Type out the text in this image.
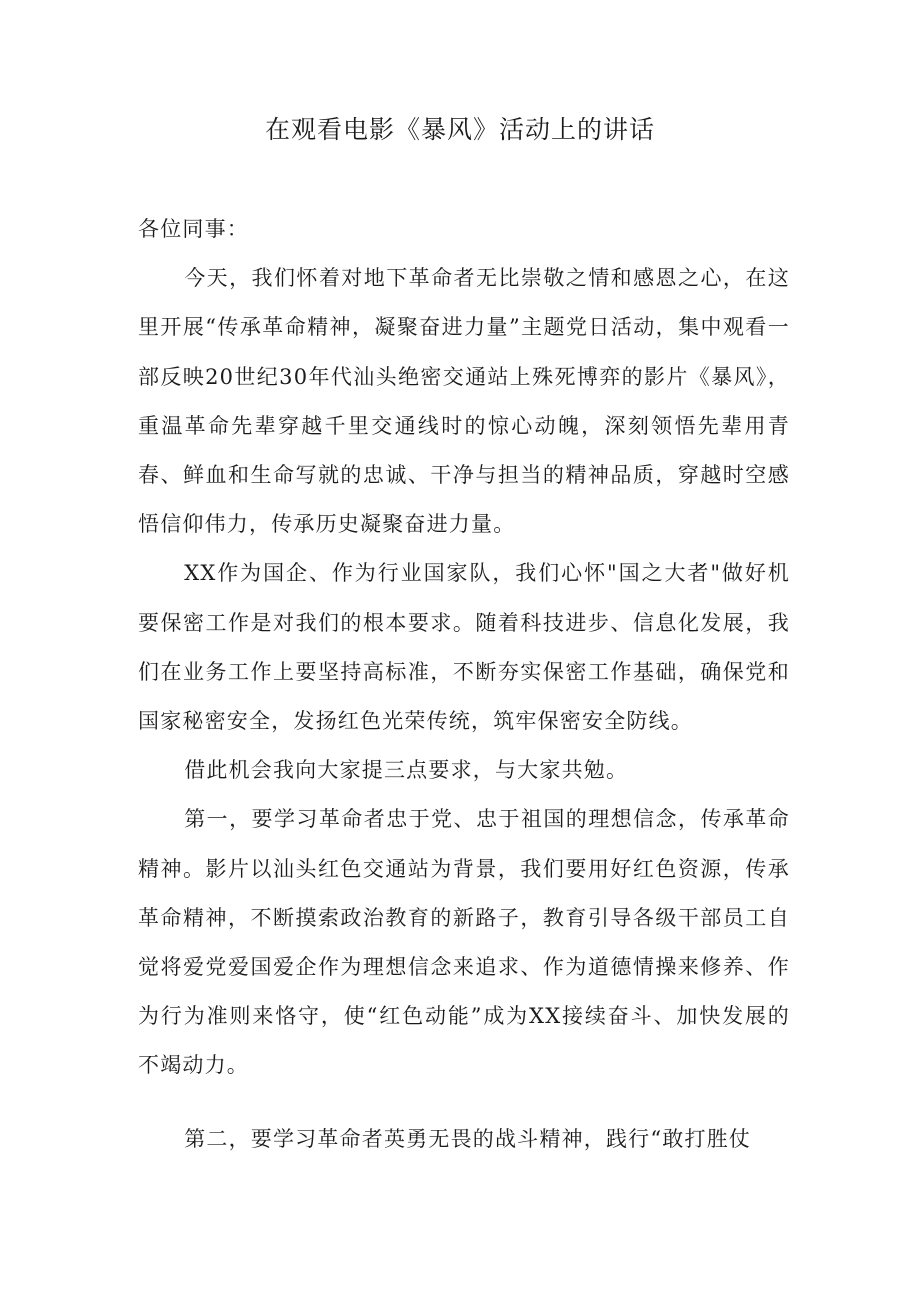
在观看电影《暴风》活动上的讲话

各位同事：

今天，我们怀着对地下革命者无比崇敬之情和感恩之心，在这里开展“传承革命精神，凝聚奋进力量”主题党日活动，集中观看一部反映20世纪30年代汕头绝密交通站上殊死博弈的影片《暴风》，重温革命先辈穿越千里交通线时的惊心动魄，深刻领悟先辈用青春、鲜血和生命写就的忠诚、干净与担当的精神品质，穿越时空感悟信仰伟力，传承历史凝聚奋进力量。

XX作为国企、作为行业国家队，我们心怀"国之大者"做好机要保密工作是对我们的根本要求。随着科技进步、信息化发展，我们在业务工作上要坚持高标准，不断夯实保密工作基础，确保党和国家秘密安全，发扬红色光荣传统，筑牢保密安全防线。

借此机会我向大家提三点要求，与大家共勉。

第一，要学习革命者忠于党、忠于祖国的理想信念，传承革命精神。影片以汕头红色交通站为背景，我们要用好红色资源，传承革命精神，不断摸索政治教育的新路子，教育引导各级干部员工自觉将爱党爱国爱企作为理想信念来追求、作为道德情操来修养、作为行为准则来恪守，使“红色动能”成为XX接续奋斗、加快发展的不竭动力。

第二，要学习革命者英勇无畏的战斗精神，践行“敢打胜仗
